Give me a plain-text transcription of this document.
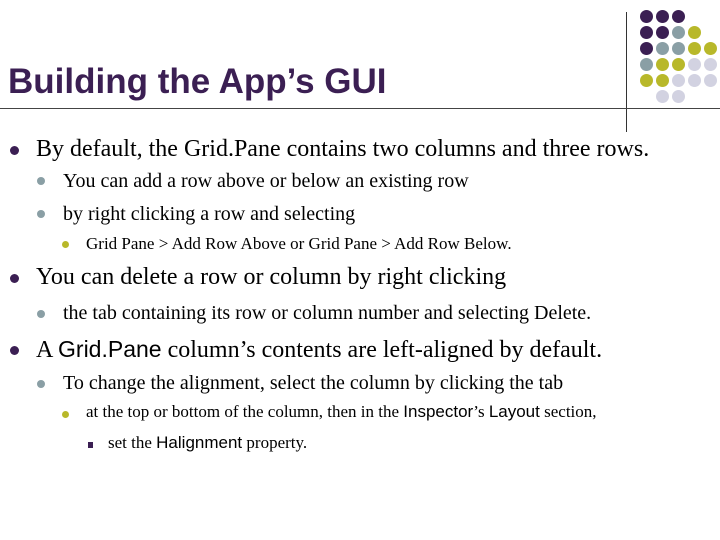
Building the App’s GUI
By default, the Grid.Pane contains two columns and three rows.
You can add a row above or below an existing row
by right clicking a row and selecting
Grid Pane > Add Row Above or Grid Pane > Add Row Below.
You can delete a row or column by right clicking
the tab containing its row or column number and selecting Delete.
A Grid.Pane column’s contents are left-aligned by default.
To change the alignment, select the column by clicking the tab
at the top or bottom of the column, then in the Inspector’s Layout section,
set the Halignment property.
